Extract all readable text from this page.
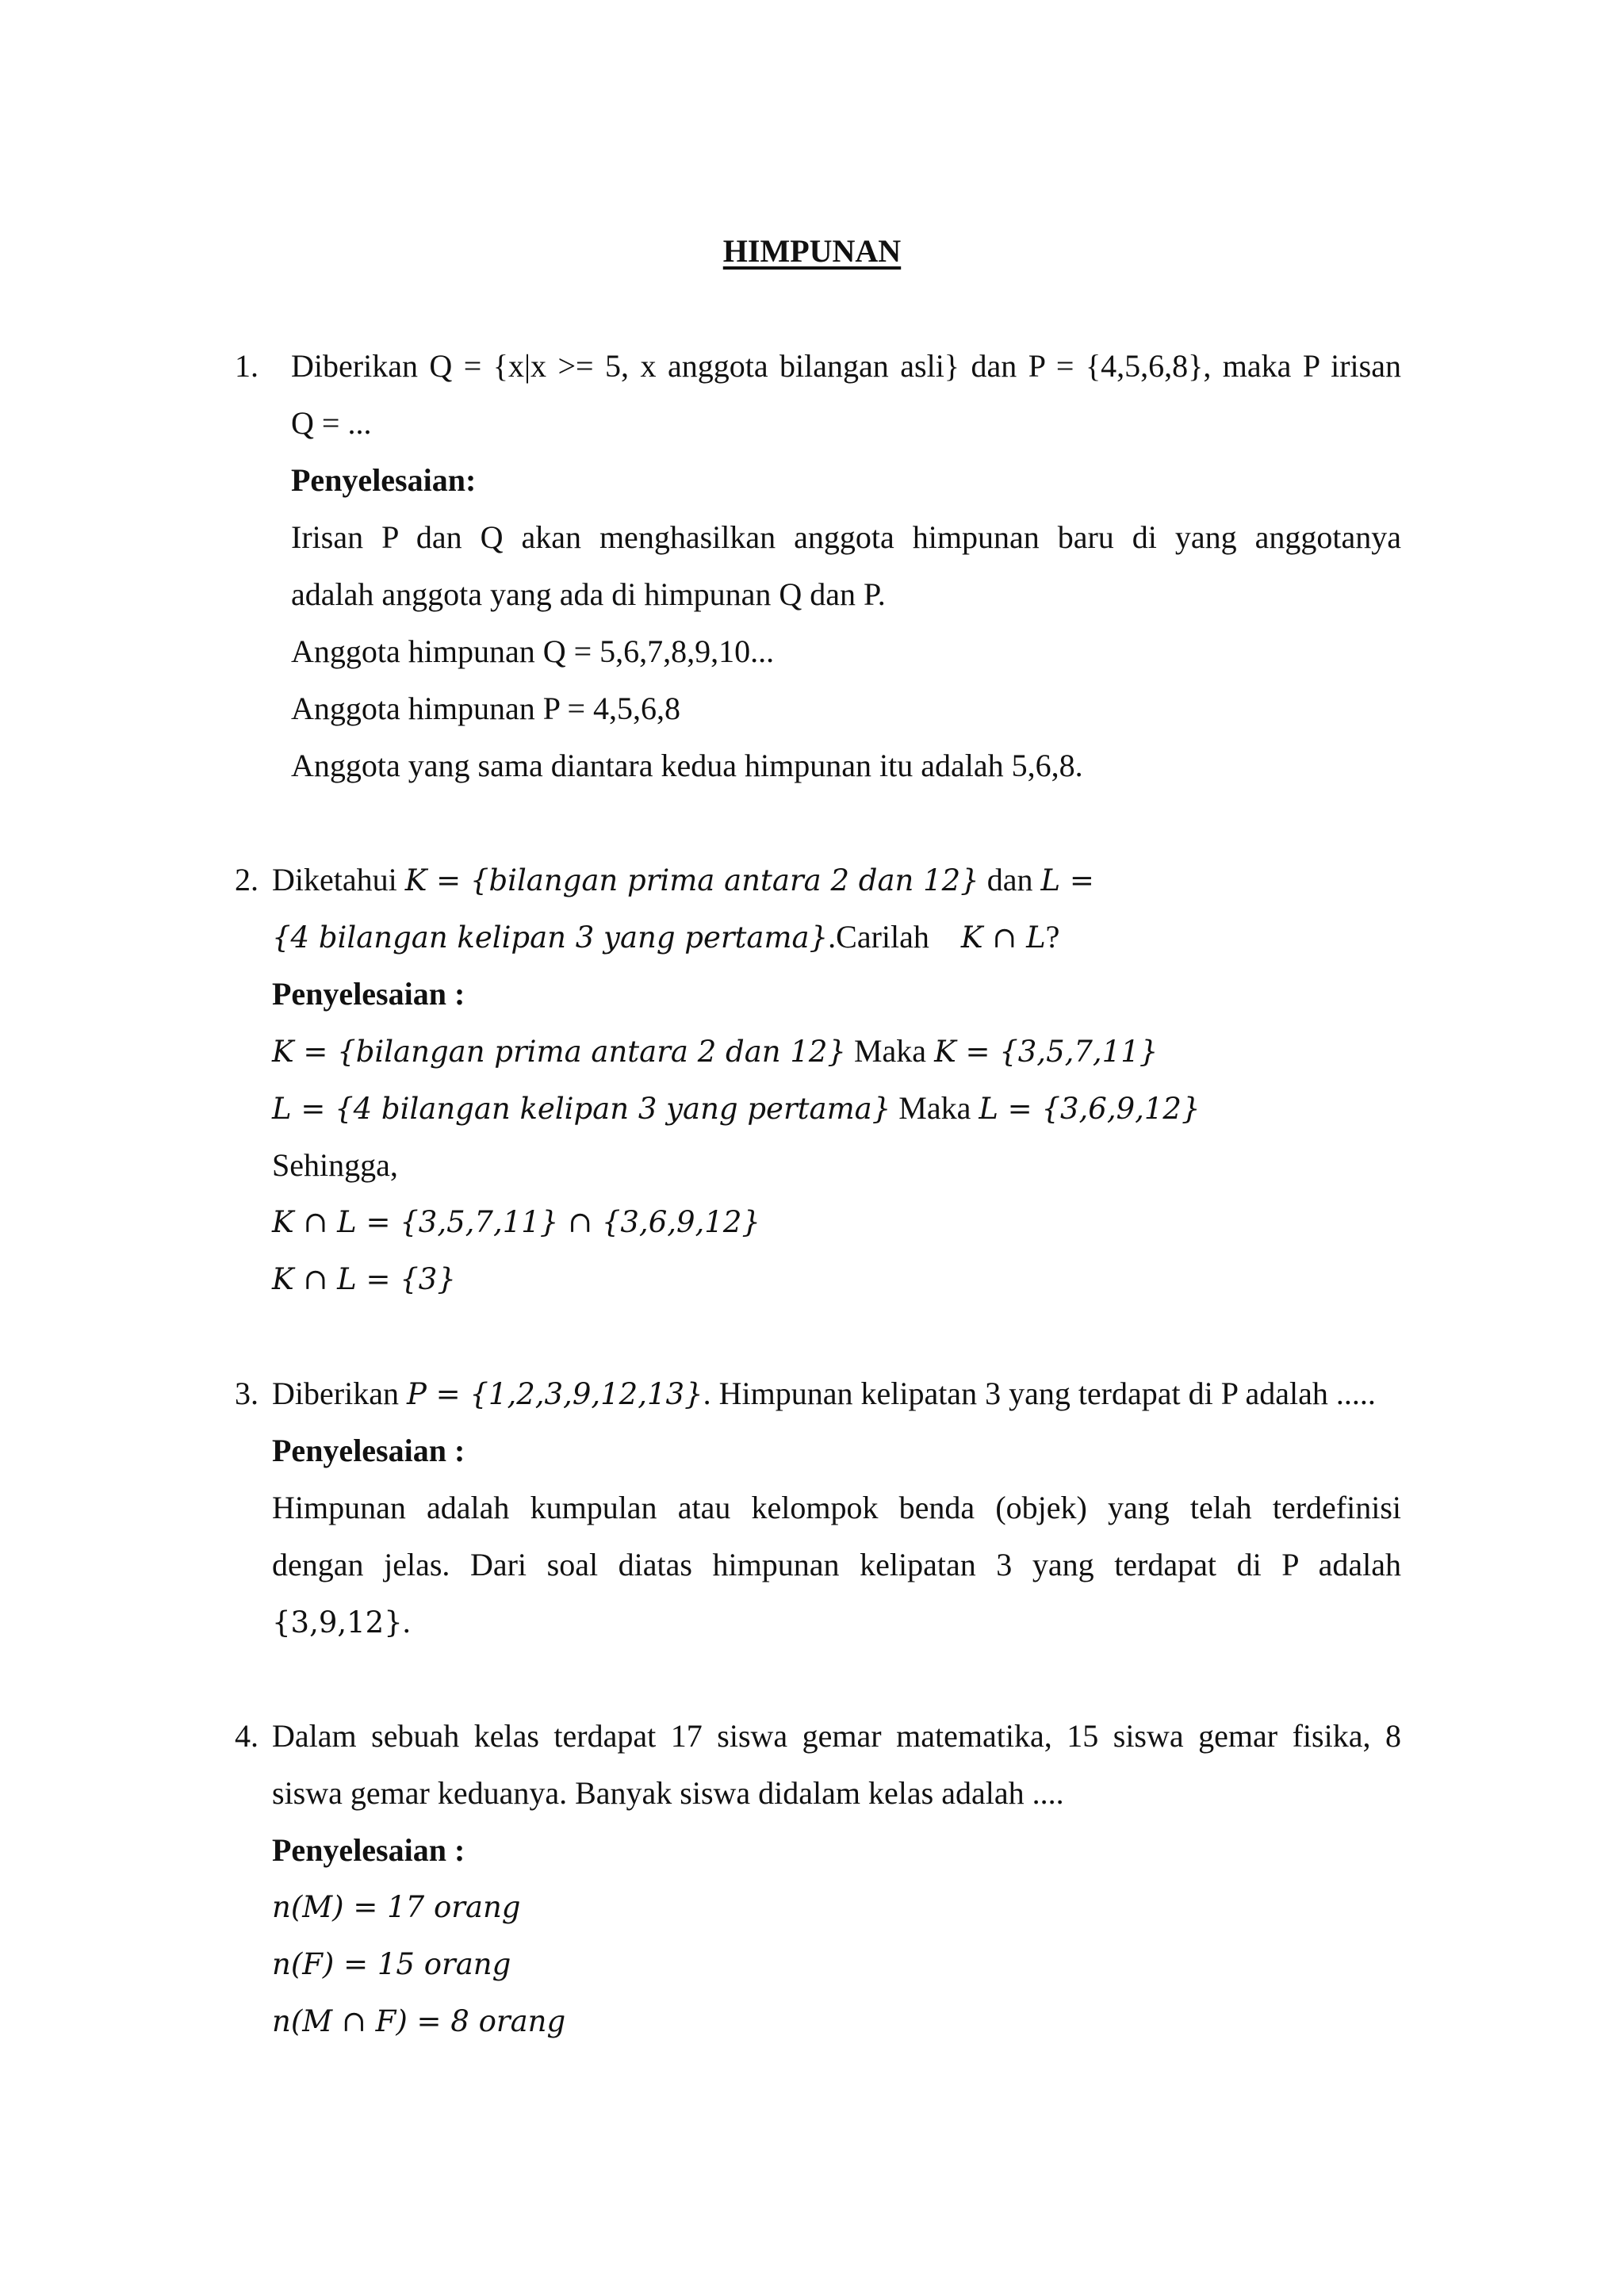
HIMPUNAN
1. Diberikan Q = {x|x >= 5, x anggota bilangan asli} dan P = {4,5,6,8}, maka P irisan
Q = ...
Penyelesaian:
Irisan P dan Q akan menghasilkan anggota himpunan baru di yang anggotanya
adalah anggota yang ada di himpunan Q dan P.
Anggota himpunan Q = 5,6,7,8,9,10...
Anggota himpunan P = 4,5,6,8
Anggota yang sama diantara kedua himpunan itu adalah 5,6,8.
2. Diketahui K = {bilangan prima antara 2 dan 12} dan L =
{4 bilangan kelipan 3 yang pertama}.Carilah K ∩ L?
Penyelesaian :
K = {bilangan prima antara 2 dan 12} Maka K = {3,5,7,11}
L = {4 bilangan kelipan 3 yang pertama} Maka L = {3,6,9,12}
Sehingga,
K ∩ L = {3,5,7,11} ∩ {3,6,9,12}
K ∩ L = {3}
3. Diberikan P = {1,2,3,9,12,13}. Himpunan kelipatan 3 yang terdapat di P adalah .....
Penyelesaian :
Himpunan adalah kumpulan atau kelompok benda (objek) yang telah terdefinisi
dengan jelas. Dari soal diatas himpunan kelipatan 3 yang terdapat di P adalah
{3,9,12}.
4. Dalam sebuah kelas terdapat 17 siswa gemar matematika, 15 siswa gemar fisika, 8
siswa gemar keduanya. Banyak siswa didalam kelas adalah ....
Penyelesaian :
n(M) = 17 orang
n(F) = 15 orang
n(M ∩ F) = 8 orang
